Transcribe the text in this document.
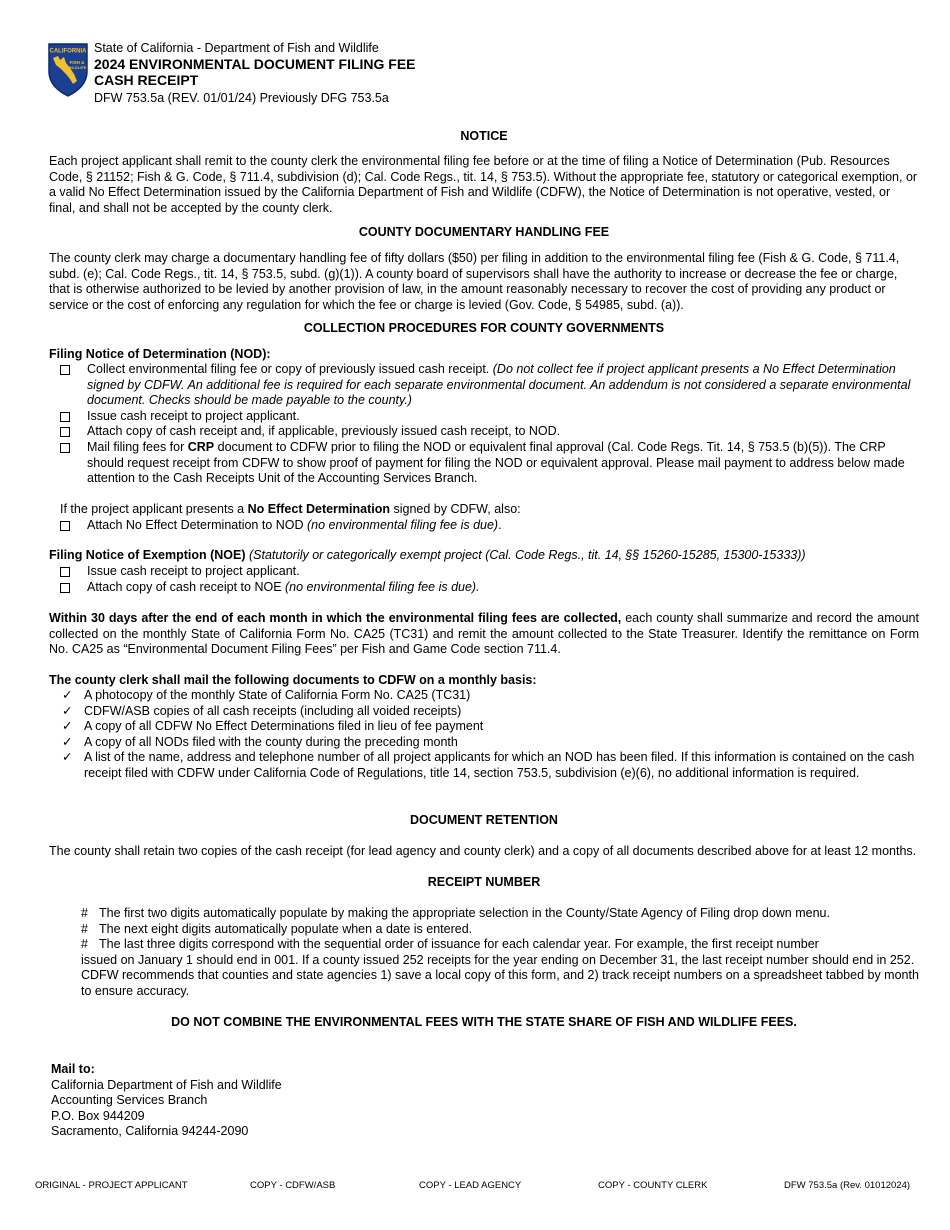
CALIFORNIA
FISH &
WILDLIFE
State of California - Department of Fish and Wildlife
2024 ENVIRONMENTAL DOCUMENT FILING FEE
CASH RECEIPT
DFW 753.5a (REV. 01/01/24) Previously DFG 753.5a
NOTICE
Each project applicant shall remit to the county clerk the environmental filing fee before or at the time of filing a Notice of Determination (Pub. Resources Code, § 21152; Fish & G. Code, § 711.4, subdivision (d); Cal. Code Regs., tit. 14, § 753.5). Without the appropriate fee, statutory or categorical exemption, or a valid No Effect Determination issued by the California Department of Fish and Wildlife (CDFW), the Notice of Determination is not operative, vested, or final, and shall not be accepted by the county clerk.
COUNTY DOCUMENTARY HANDLING FEE
The county clerk may charge a documentary handling fee of fifty dollars ($50) per filing in addition to the environmental filing fee (Fish & G. Code, § 711.4, subd. (e); Cal. Code Regs., tit. 14, § 753.5, subd. (g)(1)). A county board of supervisors shall have the authority to increase or decrease the fee or charge, that is otherwise authorized to be levied by another provision of law, in the amount reasonably necessary to recover the cost of providing any product or service or the cost of enforcing any regulation for which the fee or charge is levied (Gov. Code, § 54985, subd. (a)).
COLLECTION PROCEDURES FOR COUNTY GOVERNMENTS
Filing Notice of Determination (NOD):
Collect environmental filing fee or copy of previously issued cash receipt. (Do not collect fee if project applicant presents a No Effect Determination signed by CDFW. An additional fee is required for each separate environmental document. An addendum is not considered a separate environmental document. Checks should be made payable to the county.)
Issue cash receipt to project applicant.
Attach copy of cash receipt and, if applicable, previously issued cash receipt, to NOD.
Mail filing fees for CRP document to CDFW prior to filing the NOD or equivalent final approval (Cal. Code Regs. Tit. 14, § 753.5 (b)(5)). The CRP should request receipt from CDFW to show proof of payment for filing the NOD or equivalent approval. Please mail payment to address below made attention to the Cash Receipts Unit of the Accounting Services Branch.
If the project applicant presents a No Effect Determination signed by CDFW, also:
Attach No Effect Determination to NOD (no environmental filing fee is due).
Filing Notice of Exemption (NOE) (Statutorily or categorically exempt project (Cal. Code Regs., tit. 14, §§ 15260-15285, 15300-15333))
Issue cash receipt to project applicant.
Attach copy of cash receipt to NOE (no environmental filing fee is due).
Within 30 days after the end of each month in which the environmental filing fees are collected, each county shall summarize and record the amount collected on the monthly State of California Form No. CA25 (TC31) and remit the amount collected to the State Treasurer. Identify the remittance on Form No. CA25 as “Environmental Document Filing Fees” per Fish and Game Code section 711.4.
The county clerk shall mail the following documents to CDFW on a monthly basis:
✓ A photocopy of the monthly State of California Form No. CA25 (TC31)
✓ CDFW/ASB copies of all cash receipts (including all voided receipts)
✓ A copy of all CDFW No Effect Determinations filed in lieu of fee payment
✓ A copy of all NODs filed with the county during the preceding month
✓ A list of the name, address and telephone number of all project applicants for which an NOD has been filed. If this information is contained on the cash receipt filed with CDFW under California Code of Regulations, title 14, section 753.5, subdivision (e)(6), no additional information is required.
DOCUMENT RETENTION
The county shall retain two copies of the cash receipt (for lead agency and county clerk) and a copy of all documents described above for at least 12 months.
RECEIPT NUMBER
# The first two digits automatically populate by making the appropriate selection in the County/State Agency of Filing drop down menu.
# The next eight digits automatically populate when a date is entered.
# The last three digits correspond with the sequential order of issuance for each calendar year. For example, the first receipt number
issued on January 1 should end in 001. If a county issued 252 receipts for the year ending on December 31, the last receipt number should end in 252. CDFW recommends that counties and state agencies 1) save a local copy of this form, and 2) track receipt numbers on a spreadsheet tabbed by month to ensure accuracy.
DO NOT COMBINE THE ENVIRONMENTAL FEES WITH THE STATE SHARE OF FISH AND WILDLIFE FEES.
Mail to:
California Department of Fish and Wildlife
Accounting Services Branch
P.O. Box 944209
Sacramento, California 94244-2090
ORIGINAL - PROJECT APPLICANT	COPY - CDFW/ASB	COPY - LEAD AGENCY	COPY - COUNTY CLERK	DFW 753.5a (Rev. 01012024)
